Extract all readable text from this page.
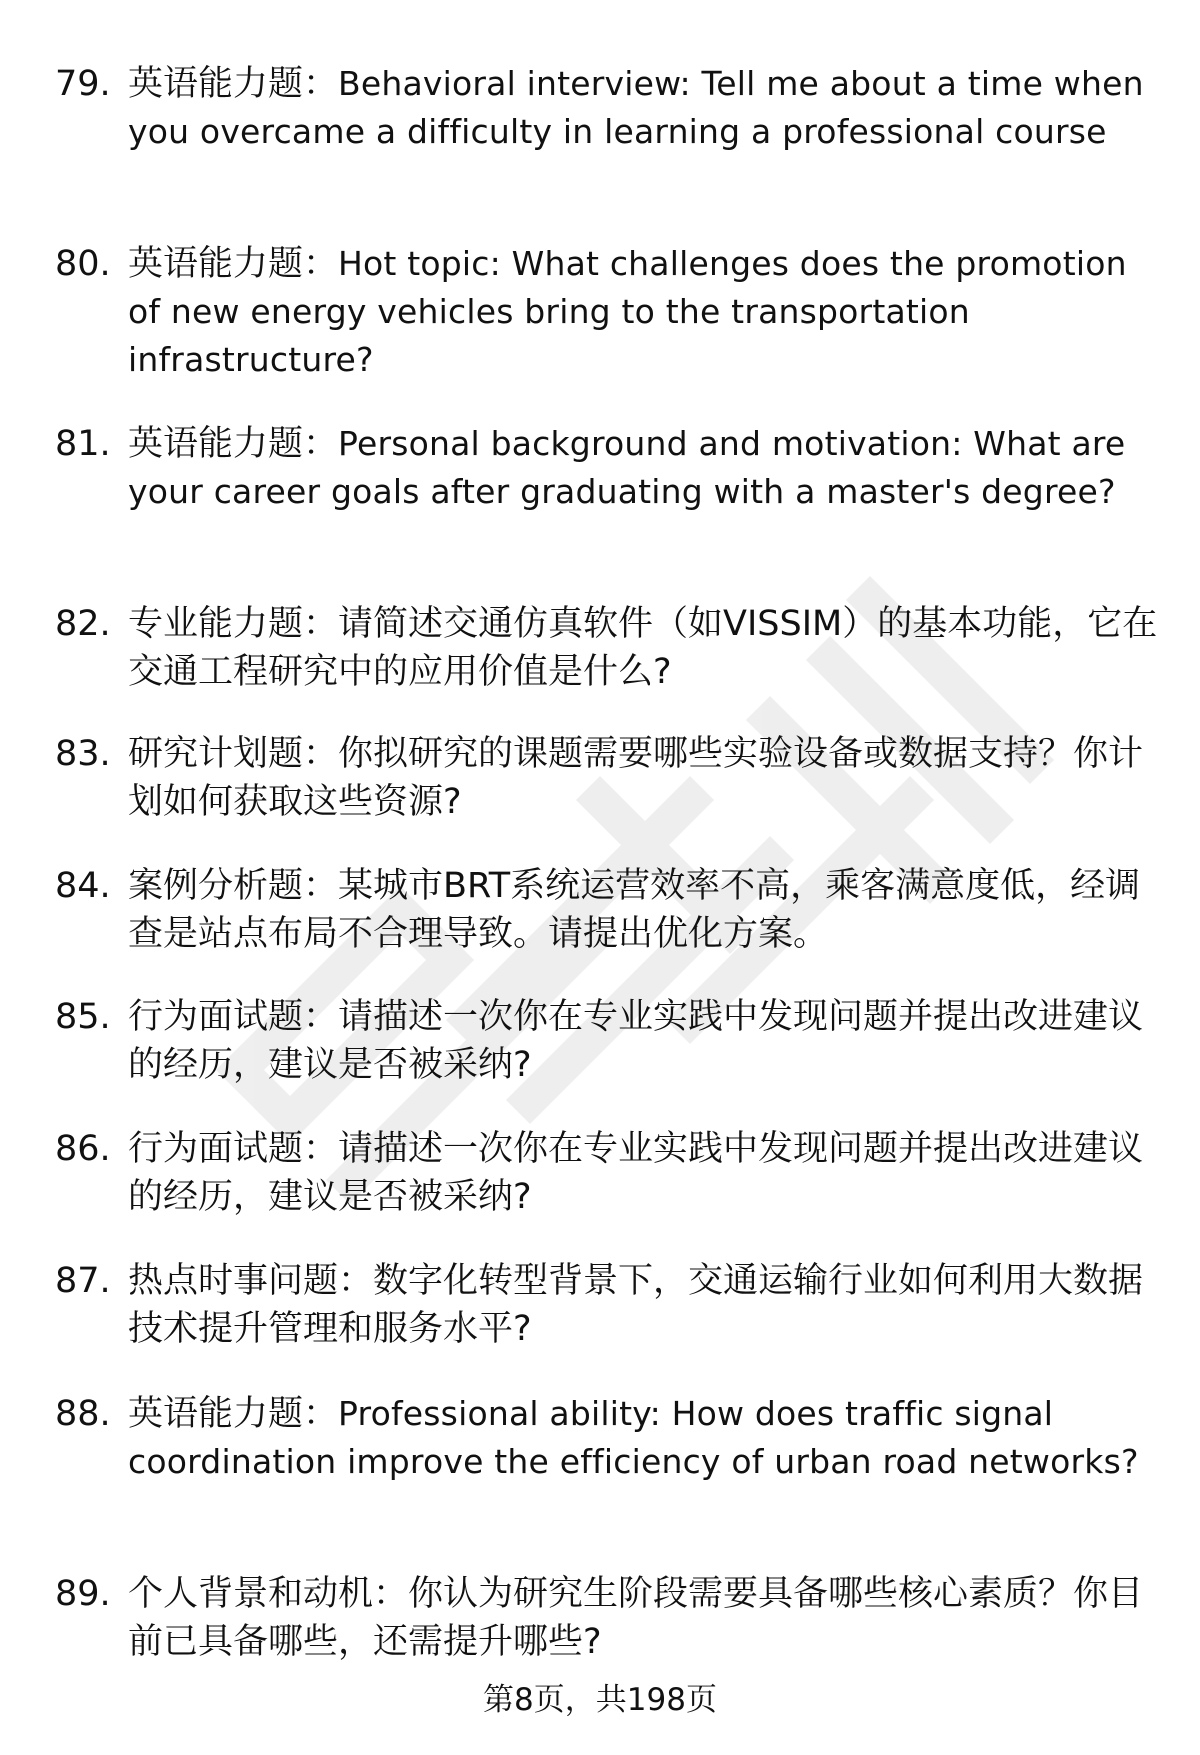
79. 英语能力题：Behavioral interview: Tell me about a time when you overcame a difficulty in learning a professional course
80. 英语能力题：Hot topic: What challenges does the promotion of new energy vehicles bring to the transportation infrastructure?
81. 英语能力题：Personal background and motivation: What are your career goals after graduating with a master's degree?
82. 专业能力题：请简述交通仿真软件（如VISSIM）的基本功能，它在交通工程研究中的应用价值是什么?
83. 研究计划题：你拟研究的课题需要哪些实验设备或数据支持？你计划如何获取这些资源?
84. 案例分析题：某城市BRT系统运营效率不高，乘客满意度低，经调查是站点布局不合理导致。请提出优化方案。
85. 行为面试题：请描述一次你在专业实践中发现问题并提出改进建议的经历，建议是否被采纳?
86. 行为面试题：请描述一次你在专业实践中发现问题并提出改进建议的经历，建议是否被采纳?
87. 热点时事问题：数字化转型背景下，交通运输行业如何利用大数据技术提升管理和服务水平?
88. 英语能力题：Professional ability: How does traffic signal coordination improve the efficiency of urban road networks?
89. 个人背景和动机：你认为研究生阶段需要具备哪些核心素质？你目前已具备哪些，还需提升哪些?
第8页，共198页
